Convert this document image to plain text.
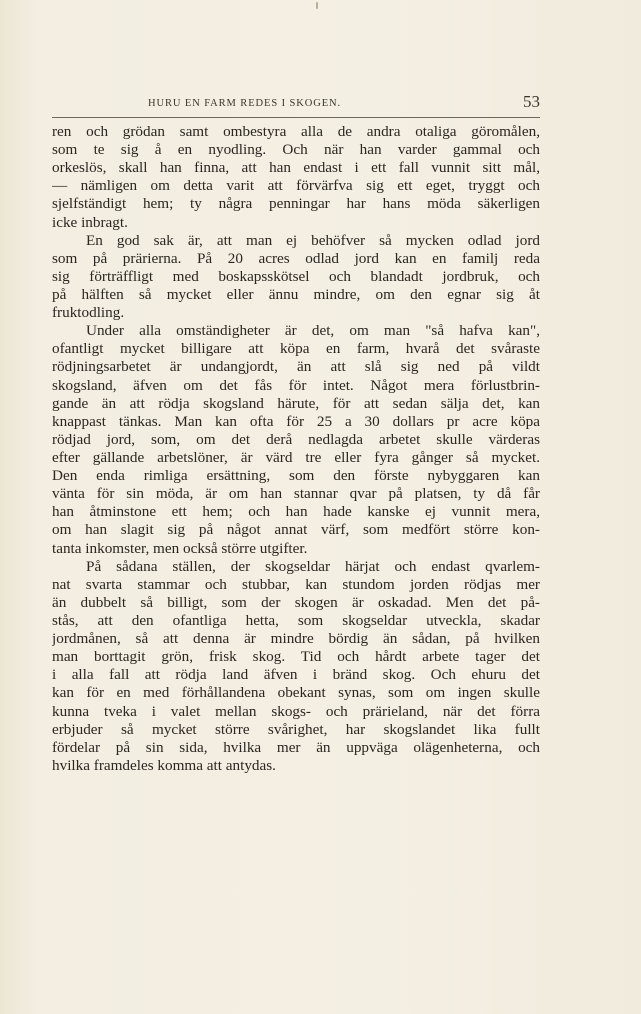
HURU EN FARM REDES I SKOGEN.	53
ren och grödan samt ombestyra alla de andra otaliga göromålen,
som te sig å en nyodling. Och när han varder gammal och
orkeslös, skall han finna, att han endast i ett fall vunnit sitt mål,
— nämligen om detta varit att förvärfva sig ett eget, tryggt och
sjelfständigt hem; ty några penningar har hans möda säkerligen
icke inbragt.
En god sak är, att man ej behöfver så mycken odlad jord
som på prärierna. På 20 acres odlad jord kan en familj reda
sig förträffligt med boskapsskötsel och blandadt jordbruk, och
på hälften så mycket eller ännu mindre, om den egnar sig åt
fruktodling.
Under alla omständigheter är det, om man "så hafva kan",
ofantligt mycket billigare att köpa en farm, hvarå det svåraste
rödjningsarbetet är undangjordt, än att slå sig ned på vildt
skogsland, äfven om det fås för intet. Något mera förlustbrin-
gande än att rödja skogsland härute, för att sedan sälja det, kan
knappast tänkas. Man kan ofta för 25 a 30 dollars pr acre köpa
rödjad jord, som, om det derå nedlagda arbetet skulle värderas
efter gällande arbetslöner, är värd tre eller fyra gånger så mycket.
Den enda rimliga ersättning, som den förste nybyggaren kan
vänta för sin möda, är om han stannar qvar på platsen, ty då får
han åtminstone ett hem; och han hade kanske ej vunnit mera,
om han slagit sig på något annat värf, som medfört större kon-
tanta inkomster, men också större utgifter.
På sådana ställen, der skogseldar härjat och endast qvarlem-
nat svarta stammar och stubbar, kan stundom jorden rödjas mer
än dubbelt så billigt, som der skogen är oskadad. Men det på-
stås, att den ofantliga hetta, som skogseldar utveckla, skadar
jordmånen, så att denna är mindre bördig än sådan, på hvilken
man borttagit grön, frisk skog. Tid och hårdt arbete tager det
i alla fall att rödja land äfven i bränd skog. Och ehuru det
kan för en med förhållandena obekant synas, som om ingen skulle
kunna tveka i valet mellan skogs- och prärieland, när det förra
erbjuder så mycket större svårighet, har skogslandet lika fullt
fördelar på sin sida, hvilka mer än uppväga olägenheterna, och
hvilka framdeles komma att antydas.
